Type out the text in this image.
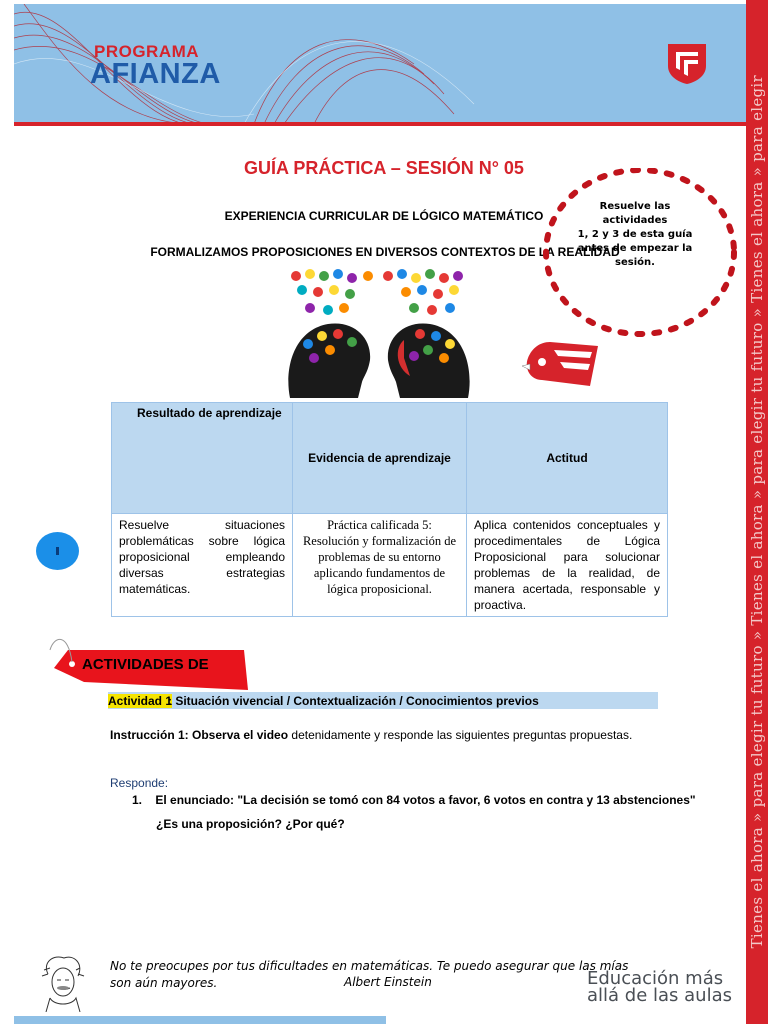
PROGRAMA
AFIANZA
Tienes el ahora » para elegir tu futuro » Tienes el ahora » para elegir tu futuro » Tienes el ahora » para elegir
GUÍA PRÁCTICA – SESIÓN N° 05
EXPERIENCIA CURRICULAR DE LÓGICO MATEMÁTICO
FORMALIZAMOS PROPOSICIONES EN DIVERSOS CONTEXTOS DE LA REALIDAD
Resuelve las actividades
1, 2 y 3 de esta guía
antes de empezar la
sesión.
Resultado de aprendizaje	Evidencia de aprendizaje	Actitud

Resuelve situaciones problemáticas sobre lógica proposicional empleando diversas estrategias matemáticas.	Práctica calificada 5: Resolución y formalización de problemas de su entorno aplicando fundamentos de lógica proposicional.	Aplica contenidos conceptuales y procedimentales de Lógica Proposicional para solucionar problemas de la realidad, de manera acertada, responsable y proactiva.
ACTIVIDADES DE
Actividad 1
: Situación vivencial / Contextualización / Conocimientos previos
Instrucción 1: Observa el video detenidamente y responde las siguientes preguntas propuestas.
Responde:
1. El enunciado: "La decisión se tomó con 84 votos a favor, 6 votos en contra y 13 abstenciones"
¿Es una proposición? ¿Por qué?
No te preocupes por tus dificultades en matemáticas. Te puedo asegurar que las mías son aún mayores.	Albert Einstein	Educación más
allá de las aulas
